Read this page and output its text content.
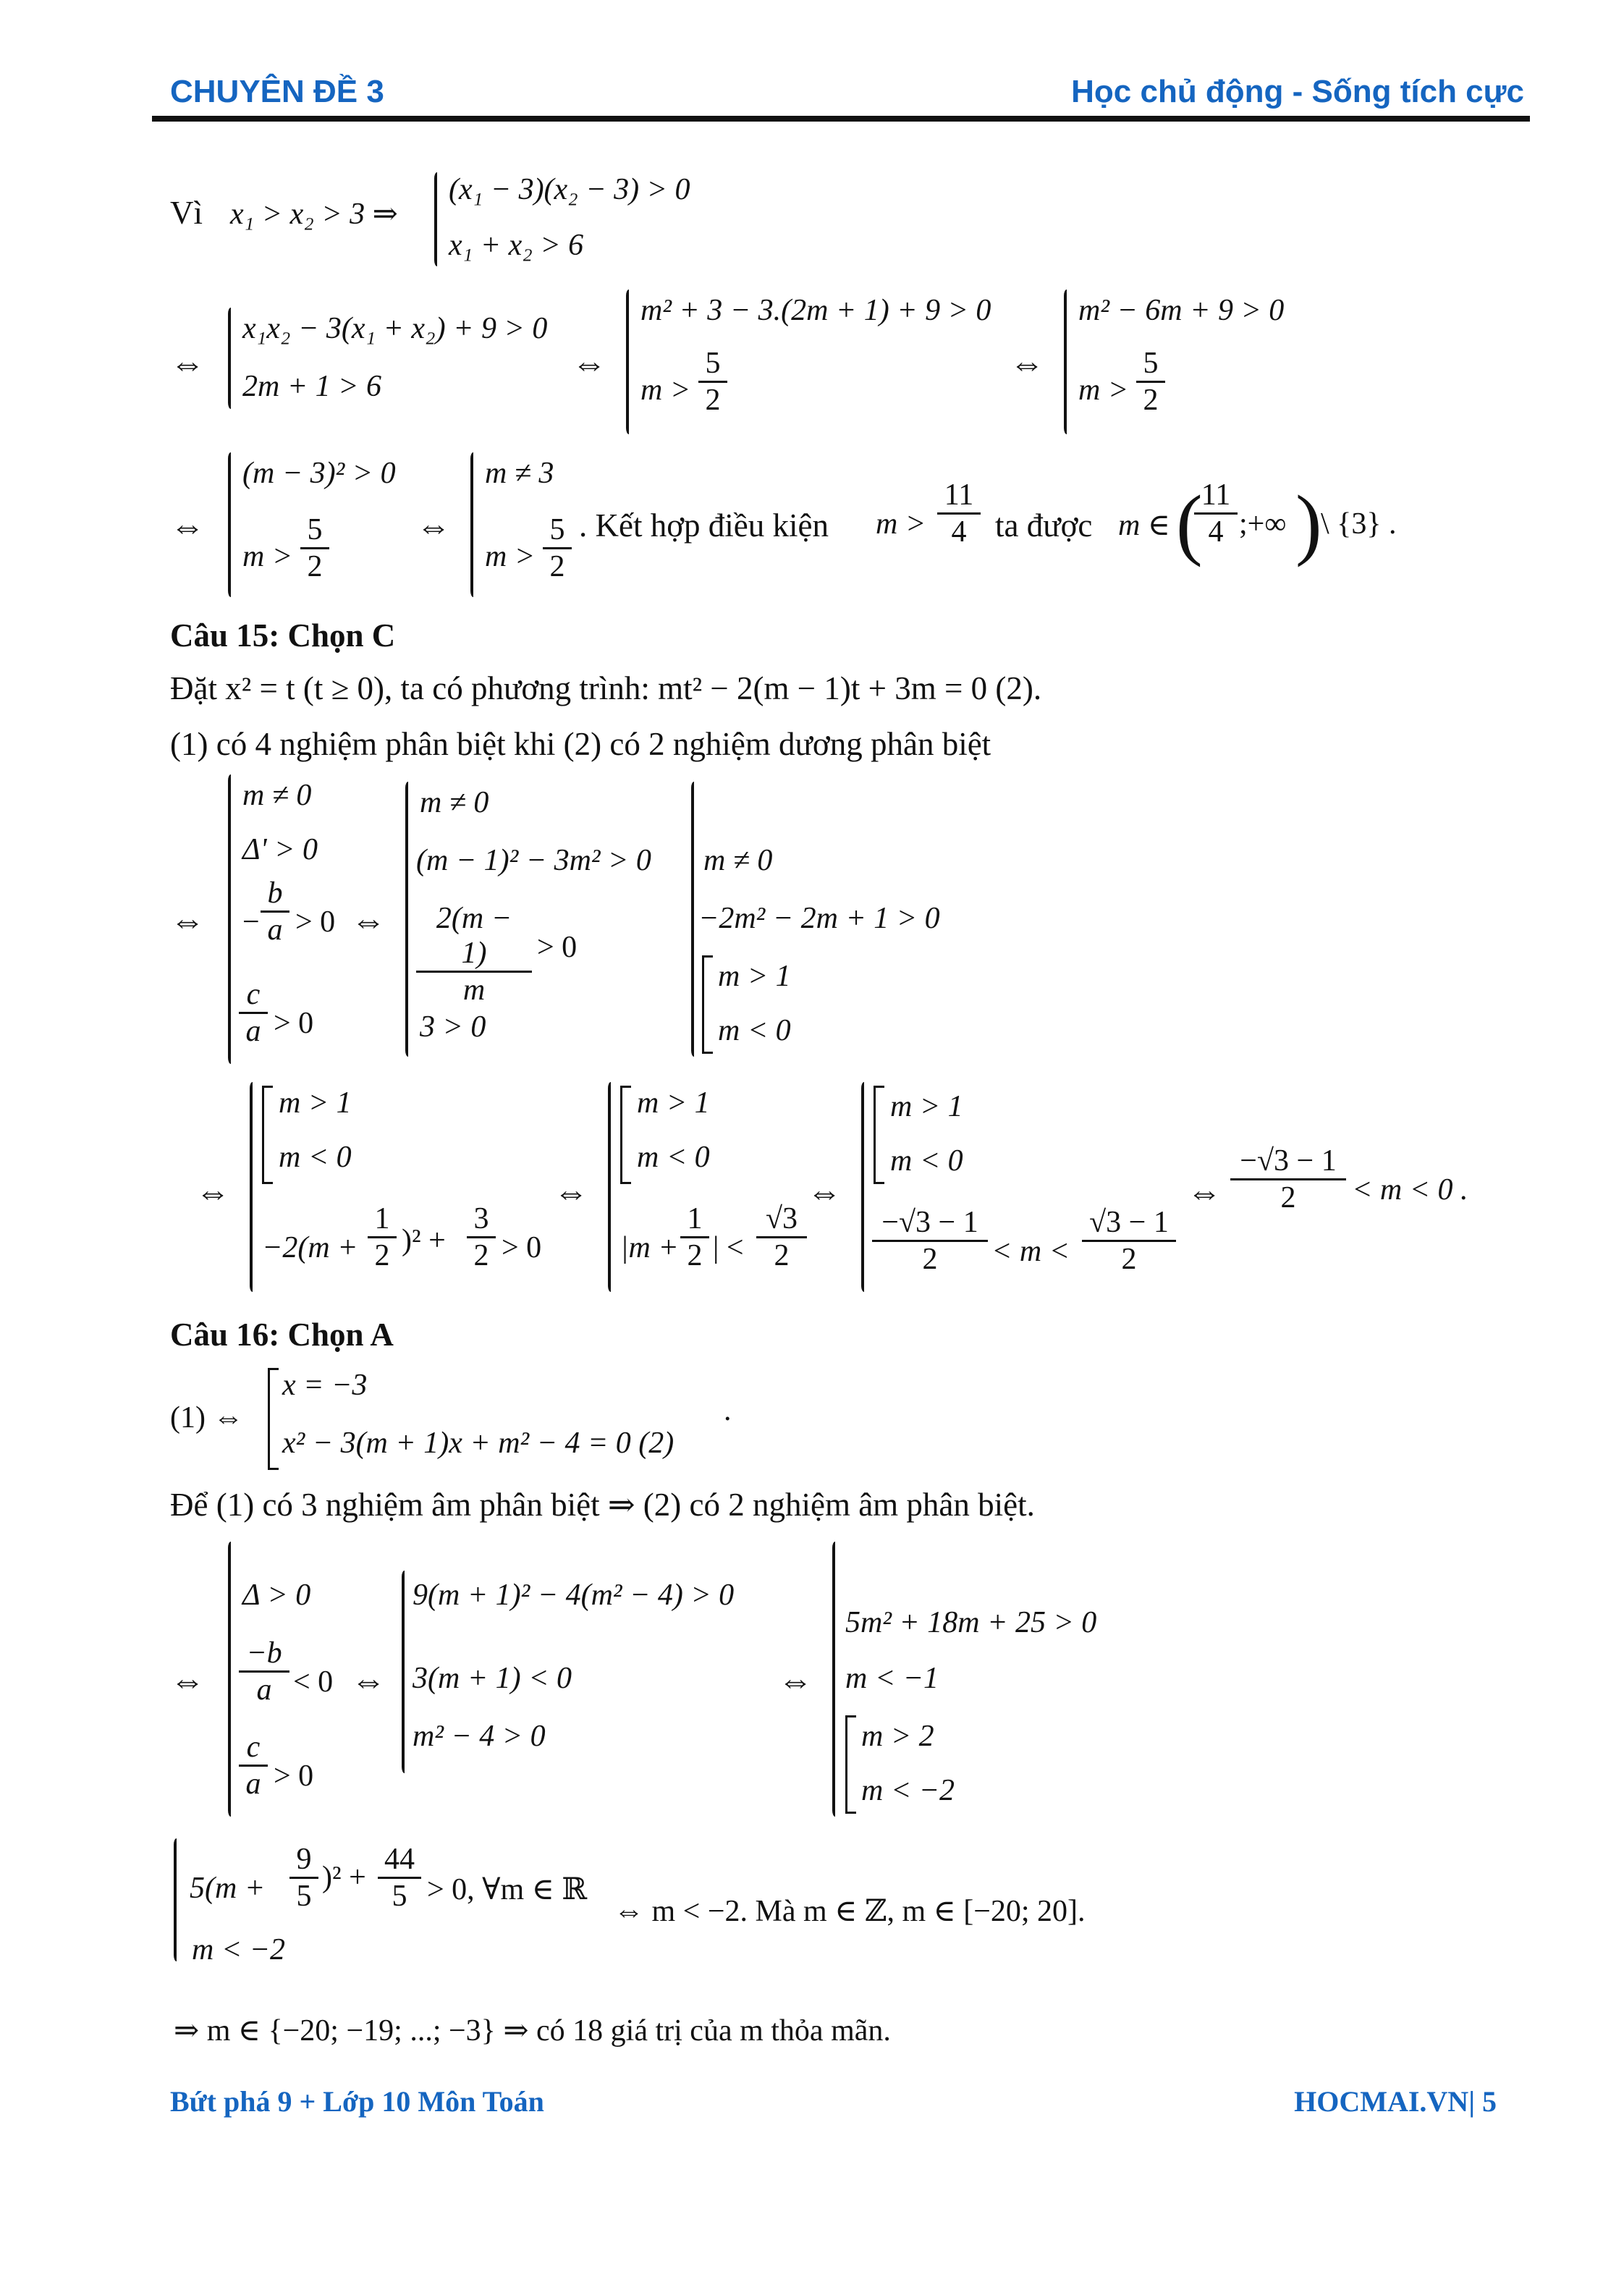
CHUYÊN ĐỀ 3	Học chủ động - Sống tích cực
Vì x₁ > x₂ > 3 ⇒
(x₁ − 3)(x₂ − 3) > 0
x₁ + x₂ > 6
⇔
x₁x₂ − 3(x₁ + x₂) + 9 > 0
2m + 1 > 6
⇔
m² + 3 − 3.(2m + 1) + 9 > 0
$m > \frac{5}{2}$	⇔
m² − 6m + 9 > 0
$m > \frac{5}{2}$
⇔
(m − 3)² > 0
$m > \frac{5}{2}$	⇔
m ≠ 3
$m > \frac{5}{2}$ . Kết hợp điều kiện $m > \frac{11}{4}$ ta được m ∈ (
$\frac{11}{4}$ ;+∞ )
\ {3} .
Câu 15: Chọn C
Đặt x² = t (t ≥ 0), ta có phương trình: mt² − 2(m − 1)t + 3m = 0 (2).
(1) có 4 nghiệm phân biệt khi (2) có 2 nghiệm dương phân biệt
⇔
m ≠ 0
Δ' > 0
− $\frac{b}{a} > 0$
$\frac{c}{a} > 0$
⇔
m ≠ 0
(m − 1)² − 3m² > 0
$\frac{2(m - 1)}{m} > 0$
3 > 0
m ≠ 0
−2m² − 2m + 1 > 0
m > 1
m < 0
⇔
m > 1
m < 0
$-2(m + \frac{1}{2} )^2 + \frac{3}{2} > 0$
⇔
m > 1
m < 0
$|m + \frac{1}{2}$ | < $\frac{√3}{2}$
⇔
m > 1
m < 0
$\frac{-√3 - 1}{2} < m < \frac{√3 - 1}{2}$
⇔ $\frac{-√3 - 1}{2} < m < 0$ .
Câu 16: Chọn A
(1) ⇔
x = −3
x² − 3(m + 1)x + m² − 4 = 0 (2)
.
Để (1) có 3 nghiệm âm phân biệt ⇒ (2) có 2 nghiệm âm phân biệt.
⇔
Δ > 0
$\frac{-b}{a} < 0$
$\frac{c}{a} > 0$
⇔
9(m + 1)² − 4(m² − 4) > 0
3(m + 1) < 0
m² − 4 > 0
⇔
5m² + 18m + 25 > 0
m < −1
m > 2
m < −2
$5(m + \frac{9}{5} )^2 + \frac{44}{5} > 0$, ∀m ∈ ℝ
m < −2
⇔ m < −2. Mà m ∈ ℤ, m ∈ [−20; 20].
⇒ m ∈ {−20; −19; ...; −3} ⇒ có 18 giá trị của m thỏa mãn.
Bứt phá 9 + Lớp 10 Môn Toán	HOCMAI.VN| 5
